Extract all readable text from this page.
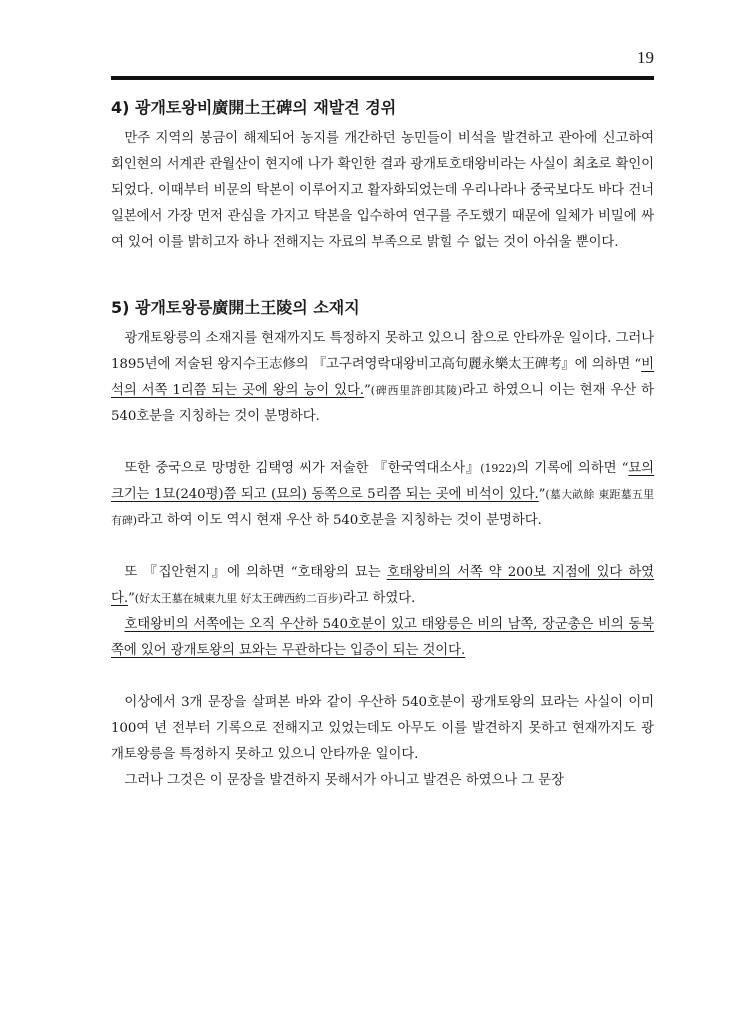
19
4) 광개토왕비廣開土王碑의 재발견 경위

만주 지역의 봉금이 해제되어 농지를 개간하던 농민들이 비석을 발견하고 관아에 신고하여 회인현의 서계관 관월산이 현지에 나가 확인한 결과 광개토호태왕비라는 사실이 최초로 확인이 되었다. 이때부터 비문의 탁본이 이루어지고 활자화되었는데 우리나라나 중국보다도 바다 건너 일본에서 가장 먼저 관심을 가지고 탁본을 입수하여 연구를 주도했기 때문에 일체가 비밀에 싸여 있어 이를 밝히고자 하나 전해지는 자료의 부족으로 밝힐 수 없는 것이 아쉬울 뿐이다.

5) 광개토왕릉廣開土王陵의 소재지

광개토왕릉의 소재지를 현재까지도 특정하지 못하고 있으니 참으로 안타까운 일이다. 그러나 1895년에 저술된 왕지수王志修의 『고구려영락대왕비고高句麗永樂太王碑考』에 의하면 “비석의 서쪽 1리쯤 되는 곳에 왕의 능이 있다.”(碑西里許卽其陵)라고 하였으니 이는 현재 우산 하 540호분을 지칭하는 것이 분명하다.

또한 중국으로 망명한 김택영 씨가 저술한 『한국역대소사』(1922)의 기록에 의하면 “묘의 크기는 1묘(240평)쯤 되고 (묘의) 동쪽으로 5리쯤 되는 곳에 비석이 있다.”(墓大畝餘 東距墓五里有碑)라고 하여 이도 역시 현재 우산 하 540호분을 지칭하는 것이 분명하다.

또 『집안현지』에 의하면 “호태왕의 묘는 호태왕비의 서쪽 약 200보 지점에 있다 하였다.”(好太王墓在城東九里 好太王碑西約二百步)라고 하였다.

호태왕비의 서쪽에는 오직 우산하 540호분이 있고 태왕릉은 비의 남쪽, 장군총은 비의 동북쪽에 있어 광개토왕의 묘와는 무관하다는 입증이 되는 것이다.

이상에서 3개 문장을 살펴본 바와 같이 우산하 540호분이 광개토왕의 묘라는 사실이 이미 100여 년 전부터 기록으로 전해지고 있었는데도 아무도 이를 발견하지 못하고 현재까지도 광개토왕릉을 특정하지 못하고 있으니 안타까운 일이다.

그러나 그것은 이 문장을 발견하지 못해서가 아니고 발견은 하였으나 그 문장
